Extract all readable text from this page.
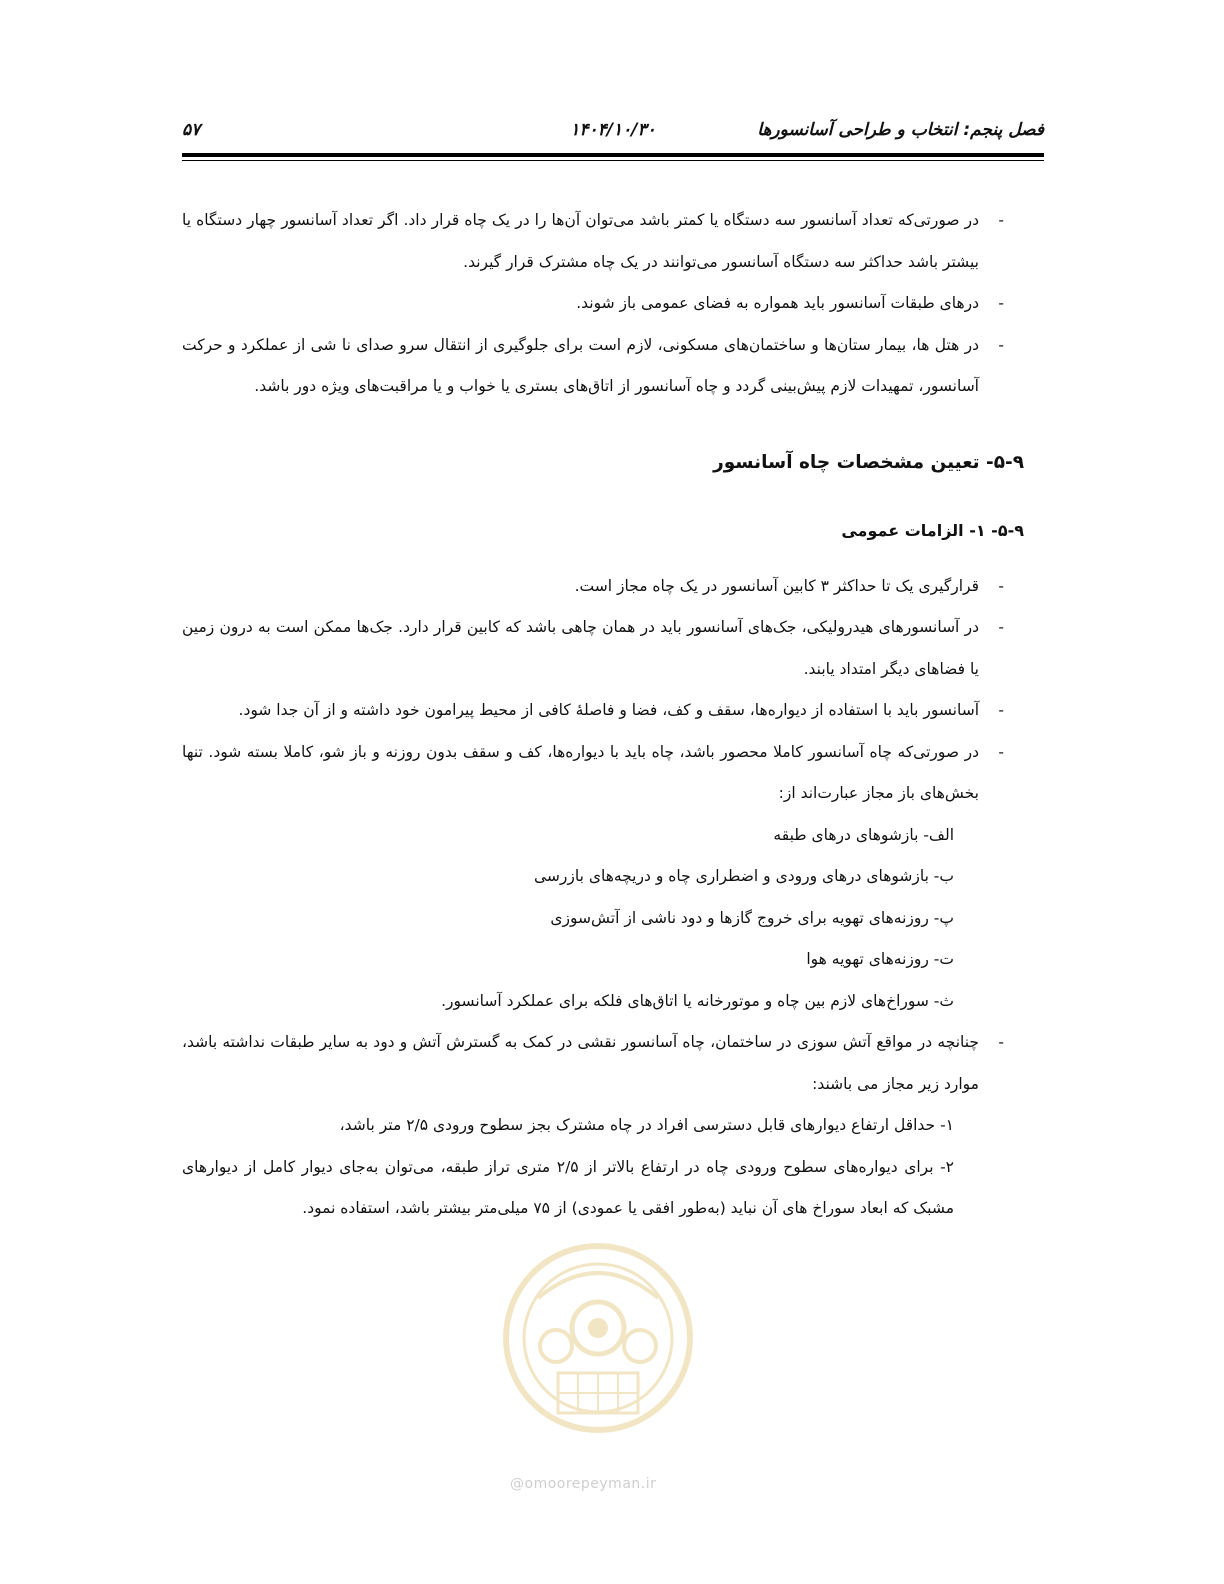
فصل پنجم: انتخاب و طراحی آسانسورها
۱۴۰۴/۱۰/۳۰
۵۷
-
در صورتی‌که تعداد آسانسور سه دستگاه یا کمتر باشد می‌توان آن‌ها را در یک چاه قرار داد. اگر تعداد آسانسور چهار دستگاه یا بیشتر باشد حداکثر سه دستگاه آسانسور می‌توانند در یک چاه مشترک قرار گیرند.
-
درهای طبقات آسانسور باید همواره به فضای عمومی باز شوند.
-
در هتل ها، بیمار ستان‌ها و ساختمان‌های مسکونی، لازم است برای جلوگیری از انتقال سرو صدای نا شی از عملکرد و حرکت آسانسور، تمهیدات لازم پیش‌بینی گردد و چاه آسانسور از اتاق‌های بستری یا خواب و یا مراقبت‌های ویژه دور باشد.
۵-۹- تعیین مشخصات چاه آسانسور
۵-۹- ۱- الزامات عمومی
-
قرارگیری یک تا حداکثر ۳ کابین آسانسور در یک چاه مجاز است.
-
در آسانسورهای هیدرولیکی، جک‌های آسانسور باید در همان چاهی باشد که کابین قرار دارد. جک‌ها ممکن است به درون زمین یا فضاهای دیگر امتداد یابند.
-
آسانسور باید با استفاده از دیواره‌ها، سقف و کف، فضا و فاصلهٔ کافی از محیط پیرامون خود داشته و از آن جدا شود.
-
در صورتی‌که چاه آسانسور کاملا محصور باشد، چاه باید با دیواره‌ها، کف و سقف بدون روزنه و باز شو، کاملا بسته شود. تنها بخش‌های باز مجاز عبارت‌اند از:
الف- بازشوهای درهای طبقه
ب- بازشوهای درهای ورودی و اضطراری چاه و دریچه‌های بازرسی
پ- روزنه‌های تهویه برای خروج گازها و دود ناشی از آتش‌سوزی
ت- روزنه‌های تهویه هوا
ث- سوراخ‌های لازم بین چاه و موتورخانه یا اتاق‌های فلکه برای عملکرد آسانسور.
-
چنانچه در مواقع آتش سوزی در ساختمان، چاه آسانسور نقشی در کمک به گسترش آتش و دود به سایر طبقات نداشته باشد، موارد زیر مجاز می باشند:
۱- حداقل ارتفاع دیوارهای قابل دسترسی افراد در چاه مشترک بجز سطوح ورودی ۲/۵ متر باشد،
۲- برای دیواره‌های سطوح ورودی چاه در ارتفاع بالاتر از ۲/۵ متری تراز طبقه، می‌توان به‌جای دیوار کامل از دیوارهای مشبک که ابعاد سوراخ های آن نباید (به‌طور افقی یا عمودی) از ۷۵ میلی‌متر بیشتر باشد، استفاده نمود.
@omoorepeyman.ir
